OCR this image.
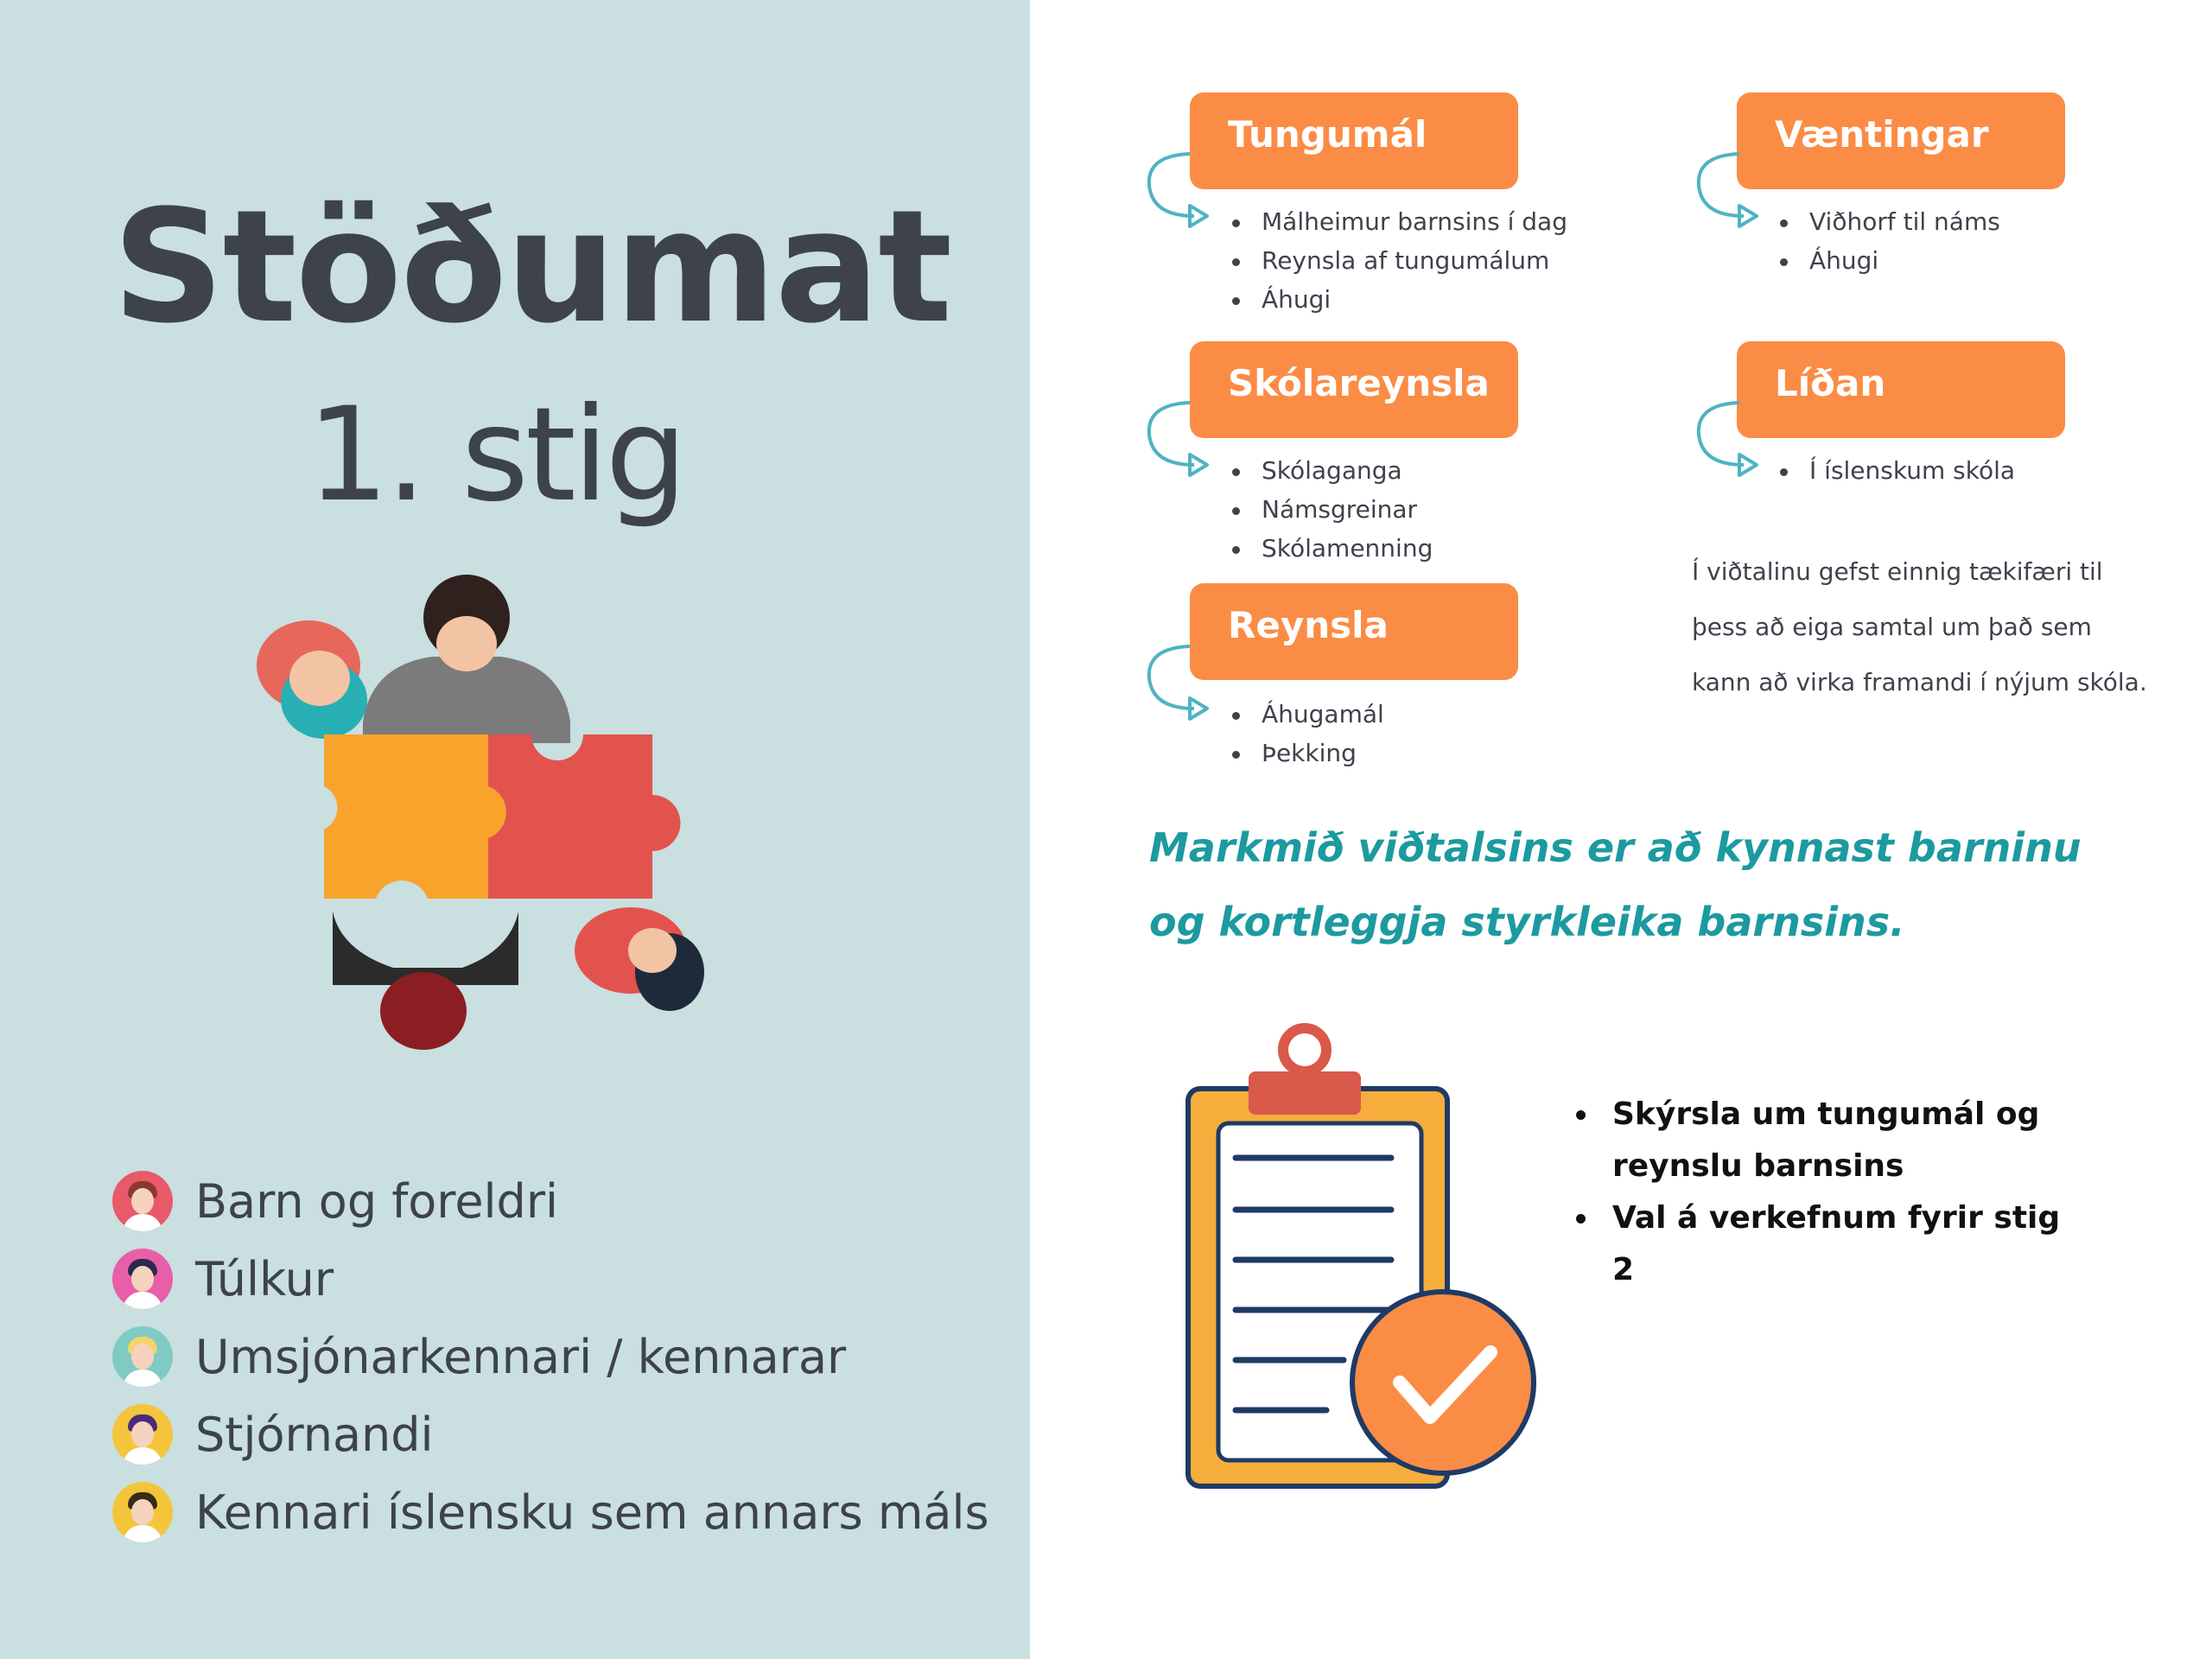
Stöðumat
1. stig
Barn og foreldri
Túlkur
Umsjónarkennari / kennarar
Stjórnandi
Kennari íslensku sem annars máls
Tungumál
Málheimur barnsins í dag
Reynsla af tungumálum
Áhugi
Væntingar
Viðhorf til náms
Áhugi
Skólareynsla
Skólaganga
Námsgreinar
Skólamenning
Líðan
Í íslenskum skóla
Reynsla
Áhugamál
Þekking

Í viðtalinu gefst einnig tækifæri til þess að eiga samtal um það sem kann að virka framandi í nýjum skóla.

Markmið viðtalsins er að kynnast barninu og kortleggja styrkleika barnsins.

Skýrsla um tungumál og reynslu barnsins
Val á verkefnum fyrir stig 2
